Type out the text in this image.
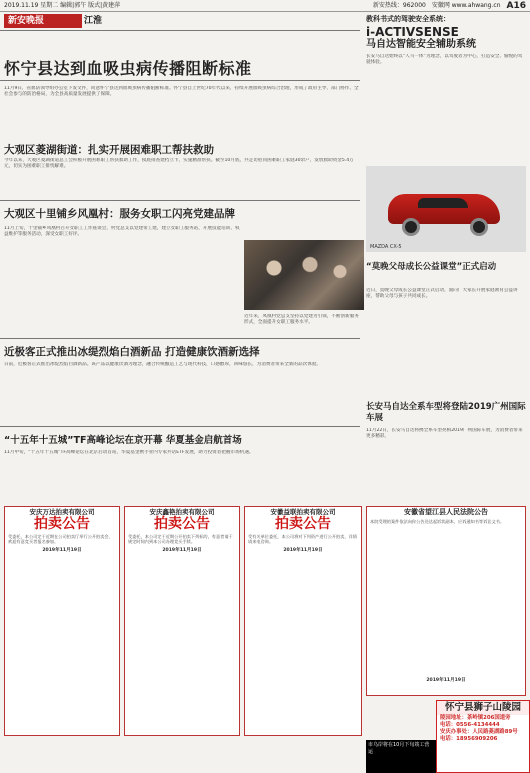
2019.11.19 星期二 编辑|郭午 版式|黄建萍	新安热线：962000 安徽网 www.ahwang.cn A16
新安晚报	江淮
怀宁县达到血吸虫病传播阻断标准
11月9日，省血防领导组办公室下发文件，同意怀宁县达到血吸虫病传播阻断标准。怀宁县自上世纪70年代以来，持续开展血吸虫病综合治理，形成了政府主导、部门协作、全社会参与的防治格局，为全县高质量发展提供了保障。
大观区菱湖街道：扎实开展困难职工帮扶救助
今年以来，大观区菱湖街道总工会积极开展困难职工帮扶救助工作，摸底排查建档立卡，实施精准帮扶。截至10月底，共走访慰问困难职工家庭30余户，发放救助资金5.4万元，切实为困难职工排忧解难。
大观区十里铺乡风凰村：服务女职工闪亮党建品牌
11月上旬，十里铺乡凤凰村召开女职工工作座谈会，村党总支以党建带工建，建立女职工服务站，开展技能培训、权益维护等服务活动，深受女职工好评。
近年来，凤凰村党总支坚持以党建为引领，不断创新服务形式，全面提升女职工服务水平。
近极客正式推出冰缇烈焰白酒新品 打造健康饮酒新选择
日前，近极客正式推出冰缇烈焰白酒新品。该产品以健康饮酒为理念，融合传统酿造工艺与现代科技，口感醇厚，回味悠长，为消费者带来全新的品饮体验。
“十五年十五城”TF高峰论坛在京开幕 华夏基金启航首场
11月中旬，“十五年十五城”TF高峰论坛在北京启动首站，华夏基金携手业内专家共话ETF发展，助力投资者把握市场机遇。
教科书式的驾驶安全系统：
i-ACTIVSENSE
马自达智能安全辅助系统
长安马自达始终以“人马一体”为理念，以驾驶者为中心，打造安全、愉悦的驾驶体验。
MAZDA CX-5
“莫晚父母成长公益课堂”正式启动
近日，莫晚父母成长公益课堂正式启动，面向广大家长开展家庭教育公益讲座，帮助父母与孩子共同成长。
长安马自达全系车型将登陆2019广州国际车展
11月22日，长安马自达将携全系车型亮相2019广州国际车展，为消费者带来更多精彩。
安庆万达拍卖有限公司
拍卖公告
受委托，本公司定于近期在公司拍卖厅举行公开拍卖会，欢迎有意竞买者报名参加。
2019年11月19日
安庆鑫艳拍卖有限公司
拍卖公告
受委托，本公司定于近期公开拍卖下列标的，有意者请于规定时间内到本公司办理竞买手续。
2019年11月19日
安徽益联拍卖有限公司
拍卖公告
受有关单位委托，本公司将对下列资产进行公开拍卖，详情请来电咨询。
2019年11月19日
安徽省望江县人民法院公告
本院受理的案件依法向你公告送达起诉状副本、应诉通知书等诉讼文书。
2019年11月19日
市乌岸将在10月下旬竣工营运
怀宁县狮子山陵园
陵园地址：茶岭镇206国道旁
电话：0556-4134444
安庆办事处：人民路菱湖路89号
电话：18956909206
